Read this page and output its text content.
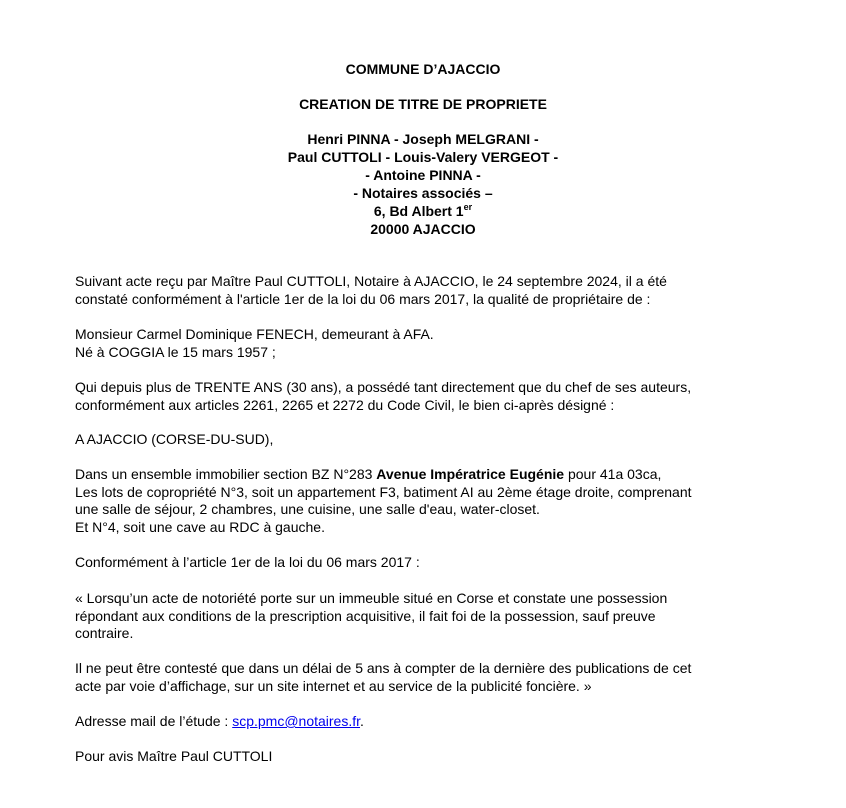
COMMUNE D’AJACCIO
CREATION DE TITRE DE PROPRIETE
Henri PINNA - Joseph MELGRANI -
Paul CUTTOLI - Louis-Valery VERGEOT -
- Antoine PINNA -
- Notaires associés –
6, Bd Albert 1er
20000 AJACCIO

Suivant acte reçu par Maître Paul CUTTOLI, Notaire à AJACCIO, le 24 septembre 2024, il a été

constaté conformément à l'article 1er de la loi du 06 mars 2017, la qualité de propriétaire de :

Monsieur Carmel Dominique FENECH, demeurant à AFA.

Né à COGGIA le 15 mars 1957 ;

Qui depuis plus de TRENTE ANS (30 ans), a possédé tant directement que du chef de ses auteurs,

conformément aux articles 2261, 2265 et 2272 du Code Civil, le bien ci-après désigné :

A AJACCIO (CORSE-DU-SUD),

Dans un ensemble immobilier section BZ N°283 Avenue Impératrice Eugénie pour 41a 03ca,

Les lots de copropriété N°3, soit un appartement F3, batiment AI au 2ème étage droite, comprenant

une salle de séjour, 2 chambres, une cuisine, une salle d'eau, water-closet.

Et N°4, soit une cave au RDC à gauche.

Conformément à l’article 1er de la loi du 06 mars 2017 :

« Lorsqu’un acte de notoriété porte sur un immeuble situé en Corse et constate une possession

répondant aux conditions de la prescription acquisitive, il fait foi de la possession, sauf preuve

contraire.

Il ne peut être contesté que dans un délai de 5 ans à compter de la dernière des publications de cet

acte par voie d’affichage, sur un site internet et au service de la publicité foncière. »

Adresse mail de l’étude : scp.pmc@notaires.fr.

Pour avis Maître Paul CUTTOLI
